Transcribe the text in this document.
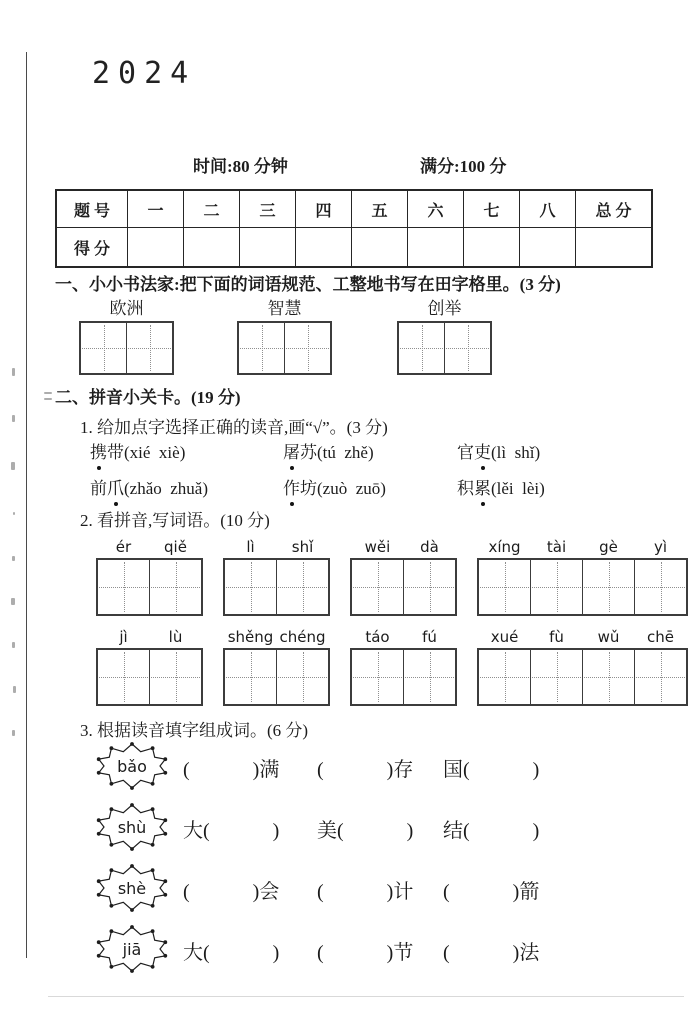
2024
时间:80 分钟	满分:100 分
题 号	一	二	三	四	五	六	七	八	总 分
得 分									
一、小小书法家:把下面的词语规范、工整地书写在田字格里。(3 分)
欧洲	智慧	创举
二、拼音小关卡。(19 分)
1. 给加点字选择正确的读音,画“√”。(3 分)
携带(xié  xiè)	屠苏(tú  zhě)	官吏(lì  shǐ)
前爪(zhǎo  zhuǎ)	作坊(zuò  zuō)	积累(lěi  lèi)
2. 看拼音,写词语。(10 分)
ér	qiě	lì	shǐ	wěi	dà	xíng	tài	gè	yì
jì	lù	shěng chéng	táo	fú	xué	fù	wǔ	chē
3. 根据读音填字组成词。(6 分)
bǎo	(       )满 (       )存 国(       )
shù	大(       ) 美(       ) 结(       )
shè	(       )会 (       )计 (       )箭
jiā	大(       ) (       )节 (       )法
